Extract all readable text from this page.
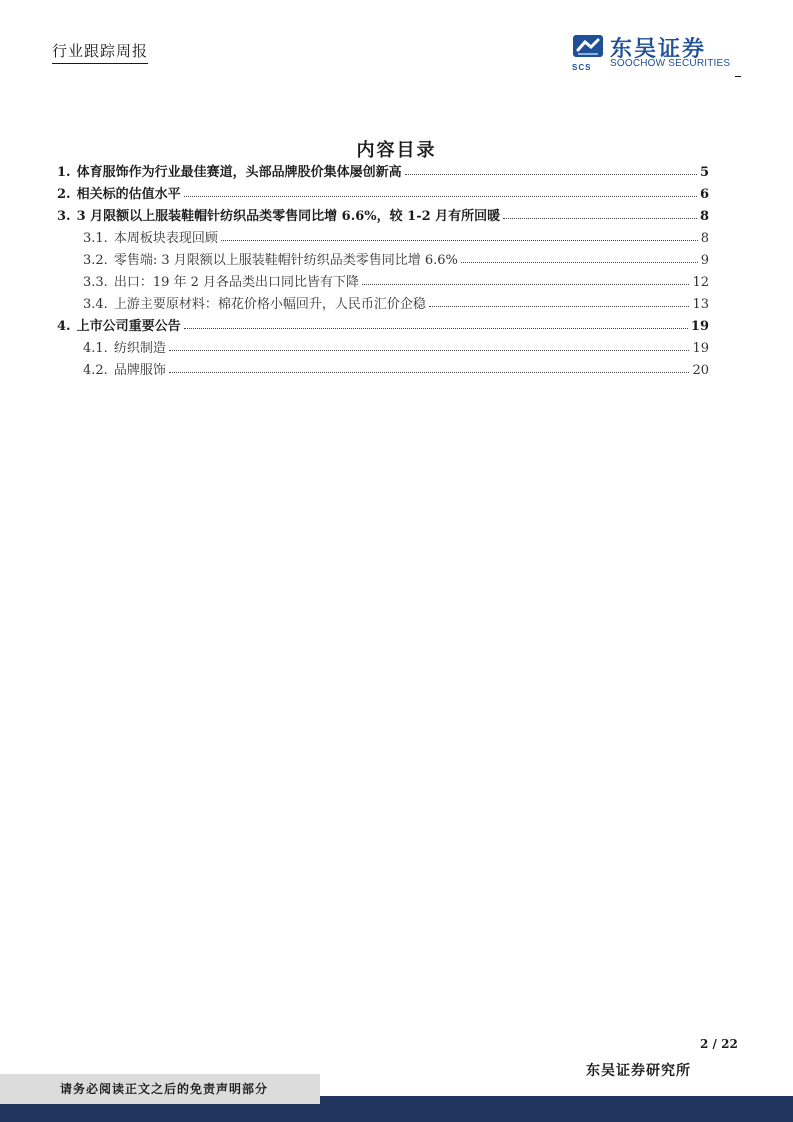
行业跟踪周报
SCS
东吴证券
SOOCHOW SECURITIES
内容目录
1. 体育服饰作为行业最佳赛道，头部品牌股价集体屡创新高	5
2. 相关标的估值水平	6
3. 3 月限额以上服装鞋帽针纺织品类零售同比增 6.6%，较 1-2 月有所回暖	8
3.1. 本周板块表现回顾	8
3.2. 零售端: 3 月限额以上服装鞋帽针纺织品类零售同比增 6.6%	9
3.3. 出口：19 年 2 月各品类出口同比皆有下降	12
3.4. 上游主要原材料：棉花价格小幅回升，人民币汇价企稳	13
4. 上市公司重要公告	19
4.1. 纺织制造	19
4.2. 品牌服饰	20
2 / 22
东吴证券研究所
请务必阅读正文之后的免责声明部分
